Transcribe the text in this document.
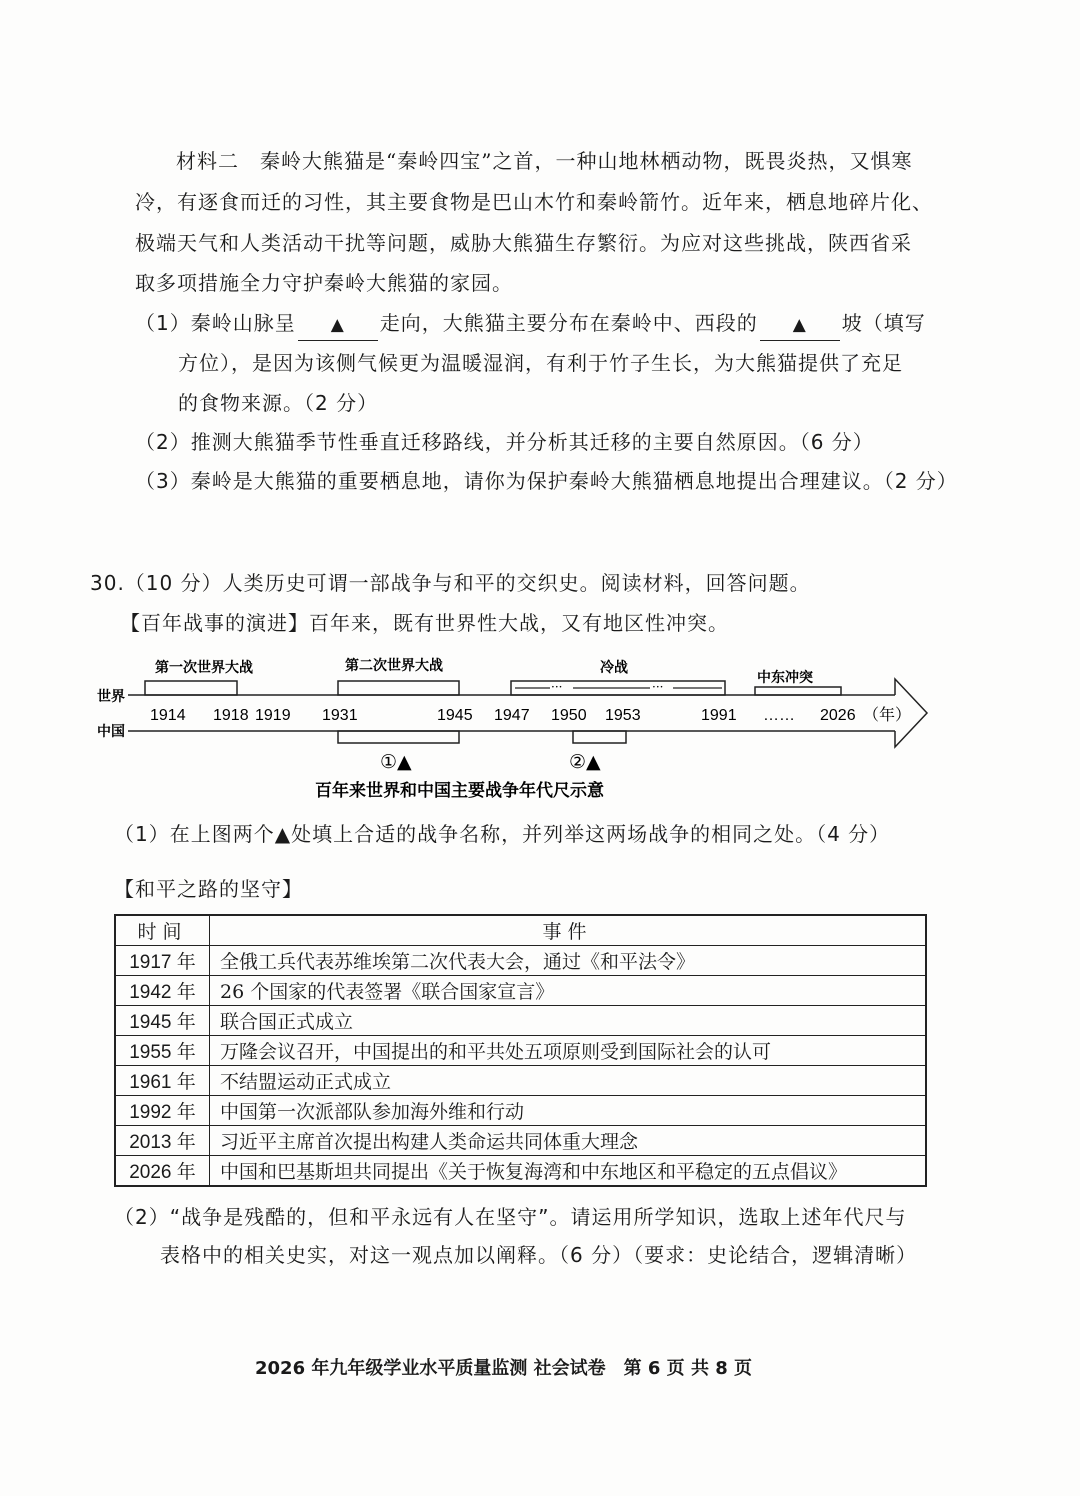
材料二　秦岭大熊猫是“秦岭四宝”之首，一种山地林栖动物，既畏炎热，又惧寒
冷，有逐食而迁的习性，其主要食物是巴山木竹和秦岭箭竹。近年来，栖息地碎片化、
极端天气和人类活动干扰等问题，威胁大熊猫生存繁衍。为应对这些挑战，陕西省采
取多项措施全力守护秦岭大熊猫的家园。
（1）秦岭山脉呈 ▲ 走向，大熊猫主要分布在秦岭中、西段的 ▲ 坡（填写
方位），是因为该侧气候更为温暖湿润，有利于竹子生长，为大熊猫提供了充足
的食物来源。（2 分）
（2）推测大熊猫季节性垂直迁移路线，并分析其迁移的主要自然原因。（6 分）
（3）秦岭是大熊猫的重要栖息地，请你为保护秦岭大熊猫栖息地提出合理建议。（2 分）
30.（10 分）人类历史可谓一部战争与和平的交织史。阅读材料，回答问题。
【百年战事的演进】百年来，既有世界性大战，又有地区性冲突。
世界
中国
第一次世界大战	第二次世界大战
···	···
冷战
中东冲突
1914 1918 1919 1931	1945 1947 1950 1953	1991 …… 2026 （年）
①▲	②▲
百年来世界和中国主要战争年代尺示意
（1）在上图两个▲处填上合适的战争名称，并列举这两场战争的相同之处。（4 分）
【和平之路的坚守】
时间	事件
1917 年	全俄工兵代表苏维埃第二次代表大会，通过《和平法令》
1942 年	26 个国家的代表签署《联合国家宣言》
1945 年	联合国正式成立
1955 年	万隆会议召开，中国提出的和平共处五项原则受到国际社会的认可
1961 年	不结盟运动正式成立
1992 年	中国第一次派部队参加海外维和行动
2013 年	习近平主席首次提出构建人类命运共同体重大理念
2026 年	中国和巴基斯坦共同提出《关于恢复海湾和中东地区和平稳定的五点倡议》
（2）“战争是残酷的，但和平永远有人在坚守”。请运用所学知识，选取上述年代尺与
表格中的相关史实，对这一观点加以阐释。（6 分）（要求：史论结合，逻辑清晰）
2026 年九年级学业水平质量监测 社会试卷　第 6 页 共 8 页
